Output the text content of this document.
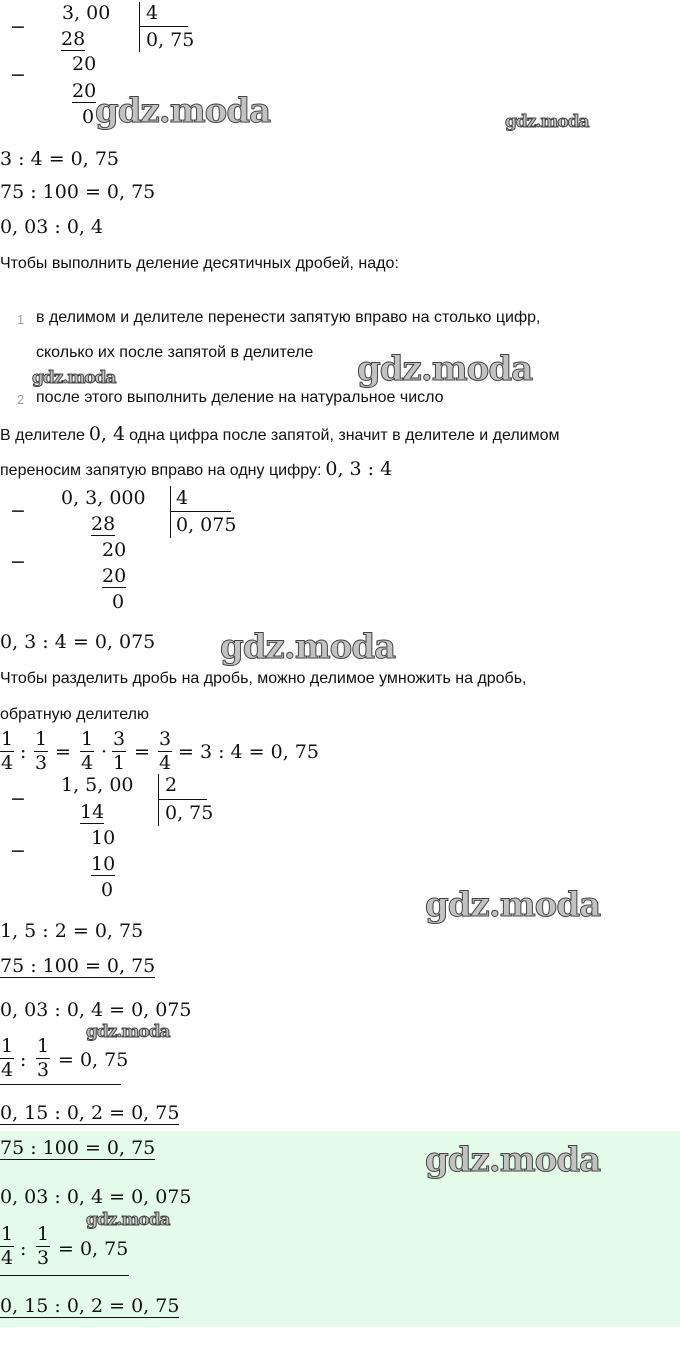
−
3, 00 4
0, 75
28
− 20
20
0 gdz.moda	gdz.moda
3 : 4 = 0, 75
75 : 100 = 0, 75
0, 03 : 0, 4
Чтобы выполнить деление десятичных дробей, надо:
1 в делимом и делителе перенести запятую вправо на столько цифр,
сколько их после запятой в делителе
2 после этого выполнить деление на натуральное число
gdz.moda	gdz.moda
В делителе 0, 4 одна цифра после запятой, значит в делителе и делимом
переносим запятую вправо на одну цифру: 0, 3 : 4
−
0, 3, 000 4
0, 075
28
−
20
20
0
0, 3 : 4 = 0, 075 gdz.moda
Чтобы разделить дробь на дробь, можно делимое умножить на дробь,
обратную делителю
1
4 :
1
3 =
1
4 ·
3
1 =
3
4 = 3 : 4 = 0, 75
−
1, 5, 00 2
0, 75
14
−
10
10
0	gdz.moda
1, 5 : 2 = 0, 75
75 : 100 = 0, 75
0, 03 : 0, 4 = 0, 075
gdz.moda
1
4 :
1
3 = 0, 75
0, 15 : 0, 2 = 0, 75
75 : 100 = 0, 75	gdz.moda
0, 03 : 0, 4 = 0, 075
gdz.moda
1
4 :
1
3 = 0, 75
0, 15 : 0, 2 = 0, 75
